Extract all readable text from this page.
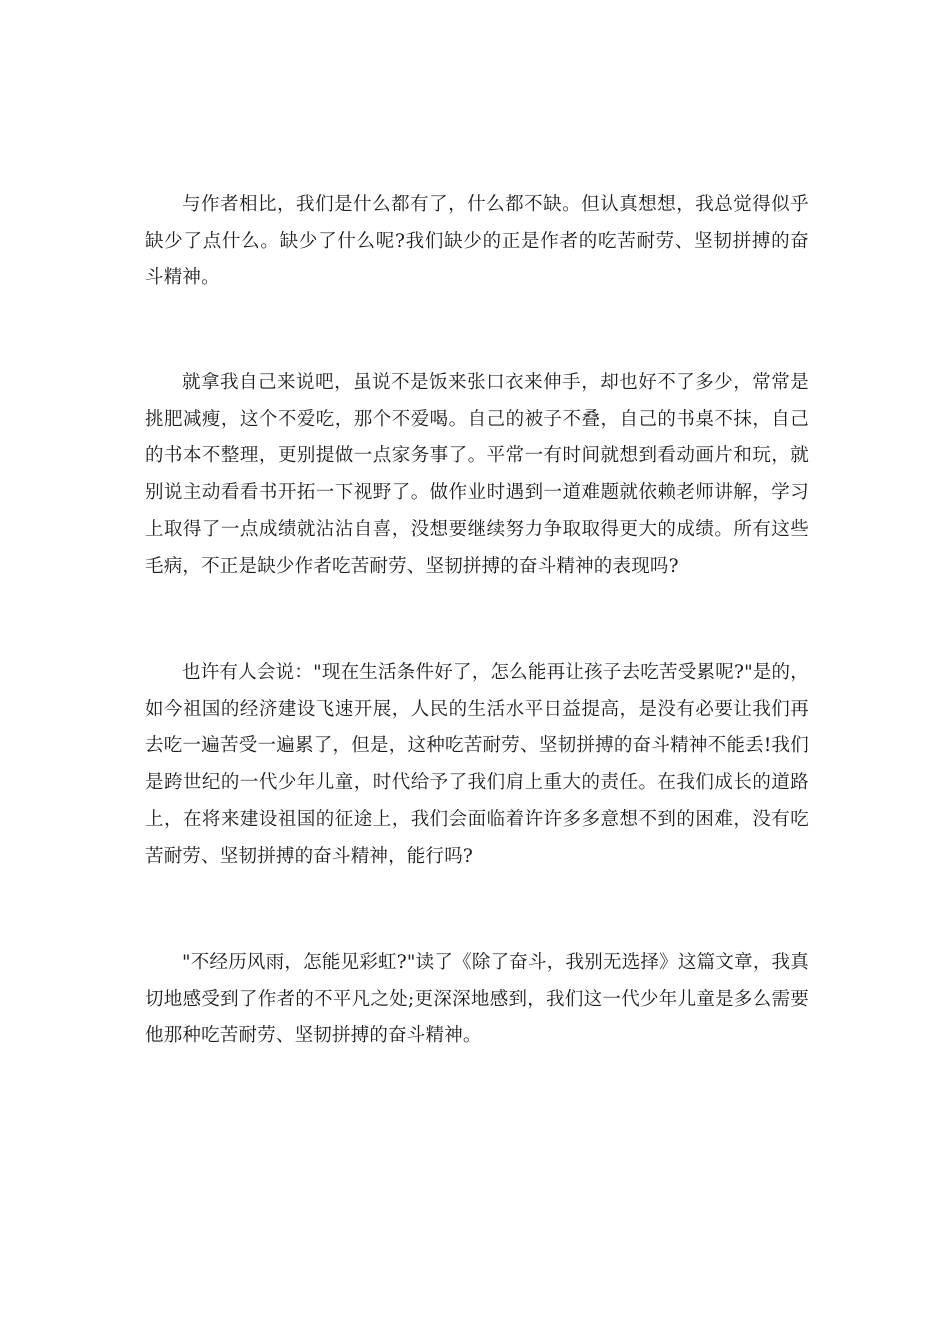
与作者相比，我们是什么都有了，什么都不缺。但认真想想，我总觉得似乎缺少了点什么。缺少了什么呢?我们缺少的正是作者的吃苦耐劳、坚韧拼搏的奋斗精神。

就拿我自己来说吧，虽说不是饭来张口衣来伸手，却也好不了多少，常常是挑肥减瘦，这个不爱吃，那个不爱喝。自己的被子不叠，自己的书桌不抹，自己的书本不整理，更别提做一点家务事了。平常一有时间就想到看动画片和玩，就别说主动看看书开拓一下视野了。做作业时遇到一道难题就依赖老师讲解，学习上取得了一点成绩就沾沾自喜，没想要继续努力争取取得更大的成绩。所有这些毛病，不正是缺少作者吃苦耐劳、坚韧拼搏的奋斗精神的表现吗?

也许有人会说："现在生活条件好了，怎么能再让孩子去吃苦受累呢?"是的，如今祖国的经济建设飞速开展，人民的生活水平日益提高，是没有必要让我们再去吃一遍苦受一遍累了，但是，这种吃苦耐劳、坚韧拼搏的奋斗精神不能丢!我们是跨世纪的一代少年儿童，时代给予了我们肩上重大的责任。在我们成长的道路上，在将来建设祖国的征途上，我们会面临着许许多多意想不到的困难，没有吃苦耐劳、坚韧拼搏的奋斗精神，能行吗?

"不经历风雨，怎能见彩虹?"读了《除了奋斗，我别无选择》这篇文章，我真切地感受到了作者的不平凡之处;更深深地感到，我们这一代少年儿童是多么需要他那种吃苦耐劳、坚韧拼搏的奋斗精神。
